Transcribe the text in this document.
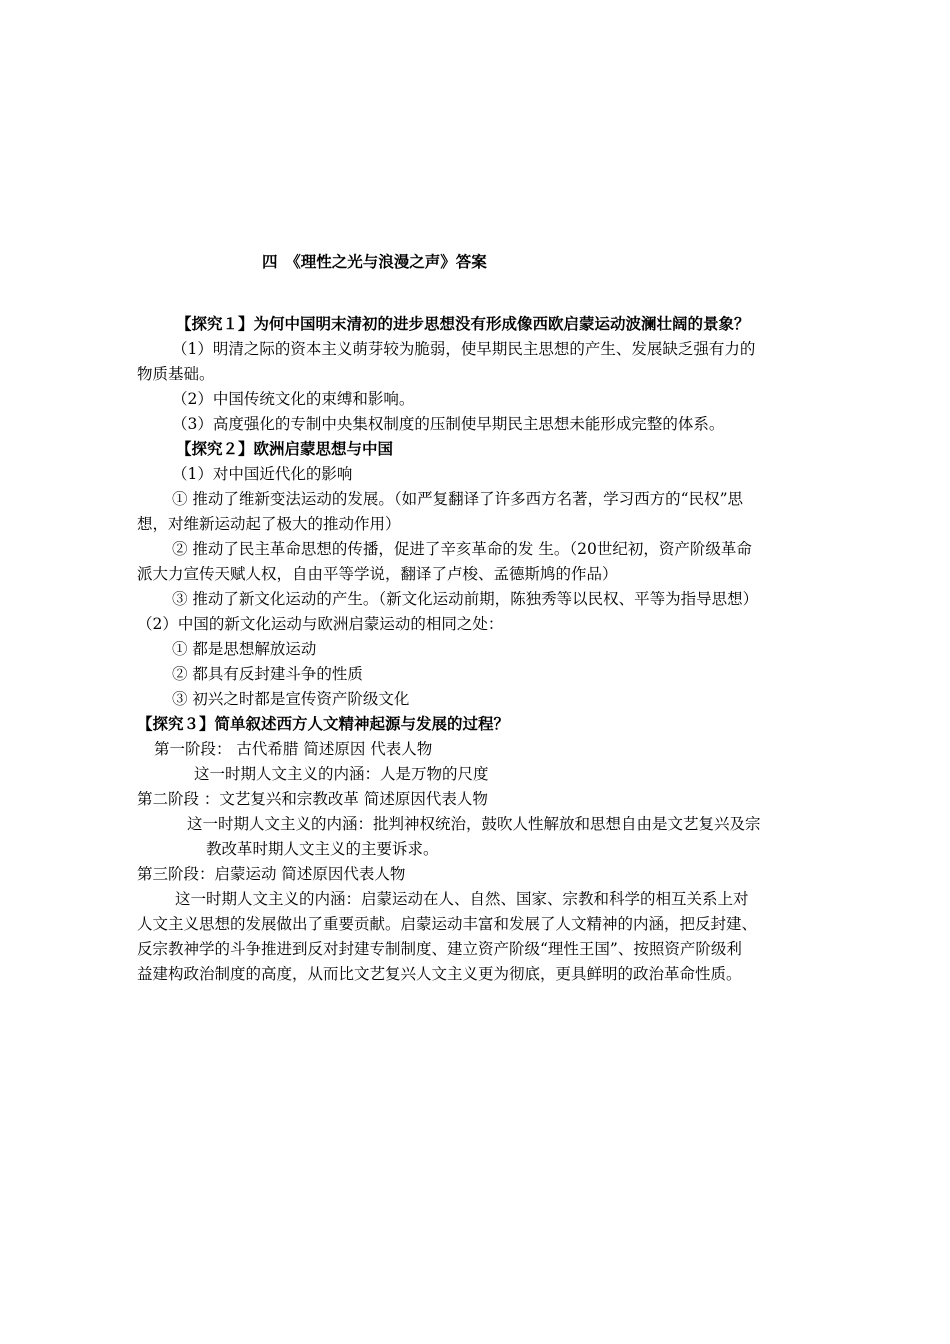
四　《理性之光与浪漫之声》答案
【探究１】为何中国明末清初的进步思想没有形成像西欧启蒙运动波澜壮阔的景象？
（1）明清之际的资本主义萌芽较为脆弱，使早期民主思想的产生、发展缺乏强有力的
物质基础。
（2）中国传统文化的束缚和影响。
（3）高度强化的专制中央集权制度的压制使早期民主思想未能形成完整的体系。
【探究２】欧洲启蒙思想与中国
（1）对中国近代化的影响
① 推动了维新变法运动的发展。（如严复翻译了许多西方名著，学习西方的“民权”思
想，对维新运动起了极大的推动作用）
② 推动了民主革命思想的传播，促进了辛亥革命的发 生。（20世纪初，资产阶级革命
派大力宣传天赋人权，自由平等学说，翻译了卢梭、孟德斯鸠的作品）
③ 推动了新文化运动的产生。（新文化运动前期，陈独秀等以民权、平等为指导思想）
（2）中国的新文化运动与欧洲启蒙运动的相同之处：
① 都是思想解放运动
② 都具有反封建斗争的性质
③ 初兴之时都是宣传资产阶级文化
【探究３】简单叙述西方人文精神起源与发展的过程？
第一阶段： 古代希腊 简述原因 代表人物
这一时期人文主义的内涵：人是万物的尺度
第二阶段 ：文艺复兴和宗教改革 简述原因代表人物
这一时期人文主义的内涵：批判神权统治，鼓吹人性解放和思想自由是文艺复兴及宗
教改革时期人文主义的主要诉求。
第三阶段：启蒙运动 简述原因代表人物
这一时期人文主义的内涵：启蒙运动在人、自然、国家、宗教和科学的相互关系上对
人文主义思想的发展做出了重要贡献。启蒙运动丰富和发展了人文精神的内涵，把反封建、
反宗教神学的斗争推进到反对封建专制制度、建立资产阶级“理性王国”、按照资产阶级利
益建构政治制度的高度，从而比文艺复兴人文主义更为彻底，更具鲜明的政治革命性质。
